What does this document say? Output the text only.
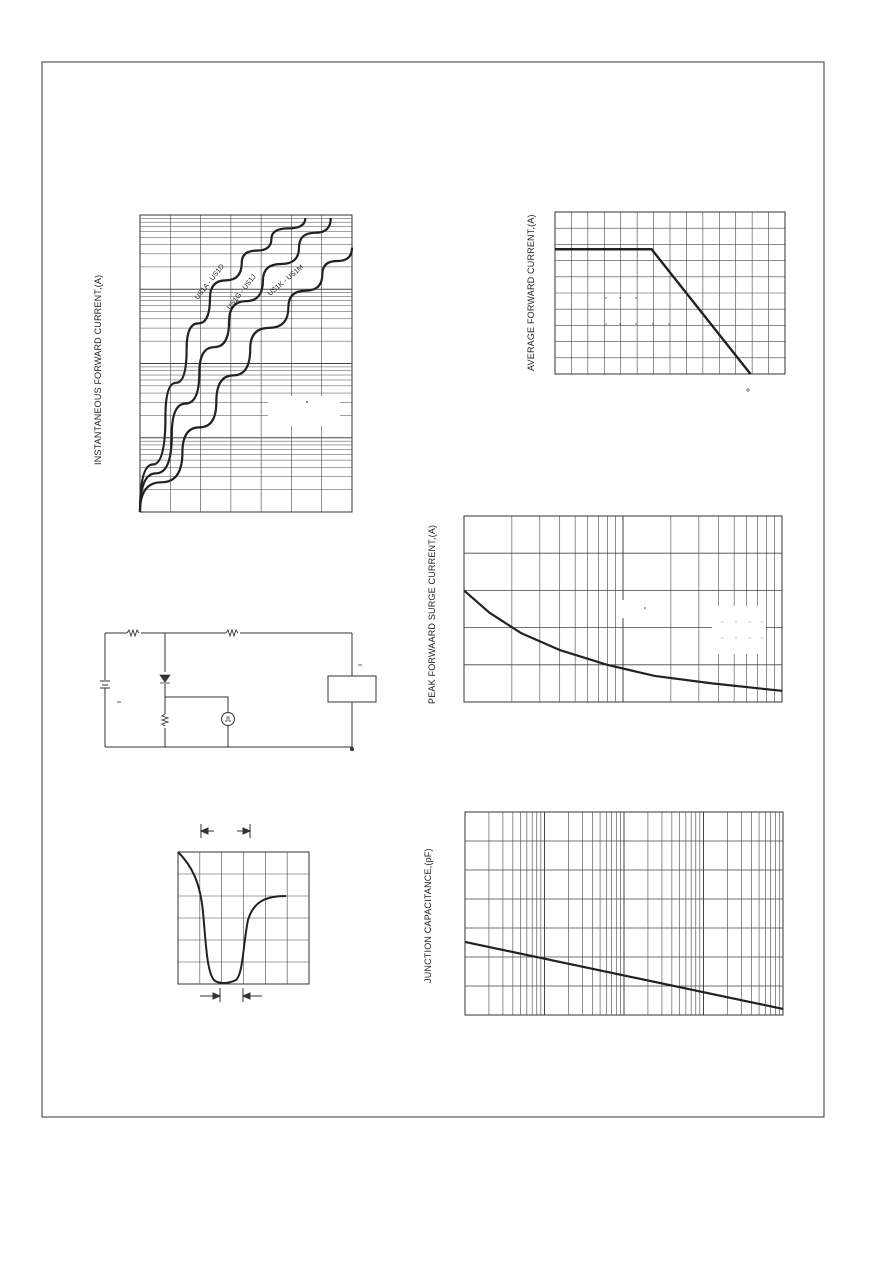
US1A - US1D US1G - US1J US1K - US1M
INSTANTANEOUS FORWARD CURRENT,(A)	AVERAGE FORWARD CURRENT,(A)
PEAK FORWAARD SURGE CURRENT,(A)
JUNCTION CAPACITANCE,(pF)
